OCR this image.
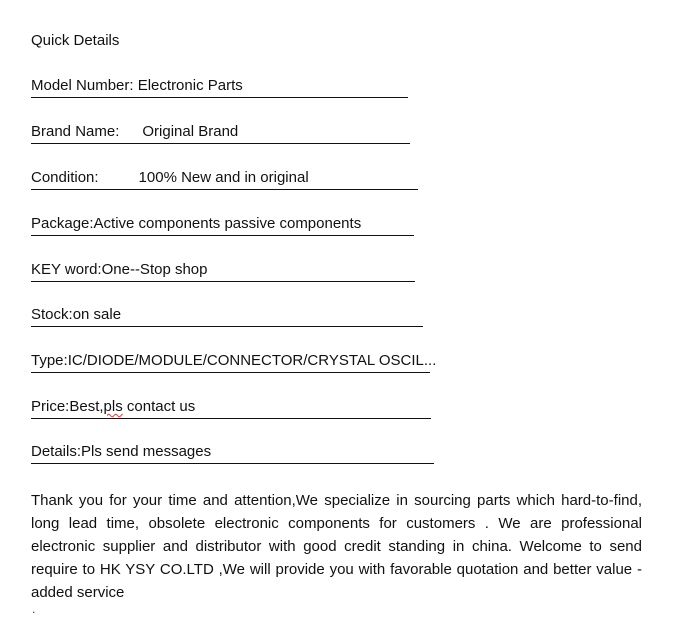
Quick Details
Model Number: Electronic Parts
Brand Name: Original Brand
Condition:	100% New and in original
Package:Active components passive components
KEY word:One--Stop shop
Stock:on sale
Type:IC/DIODE/MODULE/CONNECTOR/CRYSTAL OSCIL...
Price:Best,pls contact us
Details:Pls send messages
Thank you for your time and attention,We specialize in sourcing parts which hard-to-find, long lead time, obsolete electronic components for customers . We are professional electronic supplier and distributor with good credit standing in china. Welcome to send require to HK YSY CO.LTD ,We will provide you with favorable quotation and better value -added service
.
